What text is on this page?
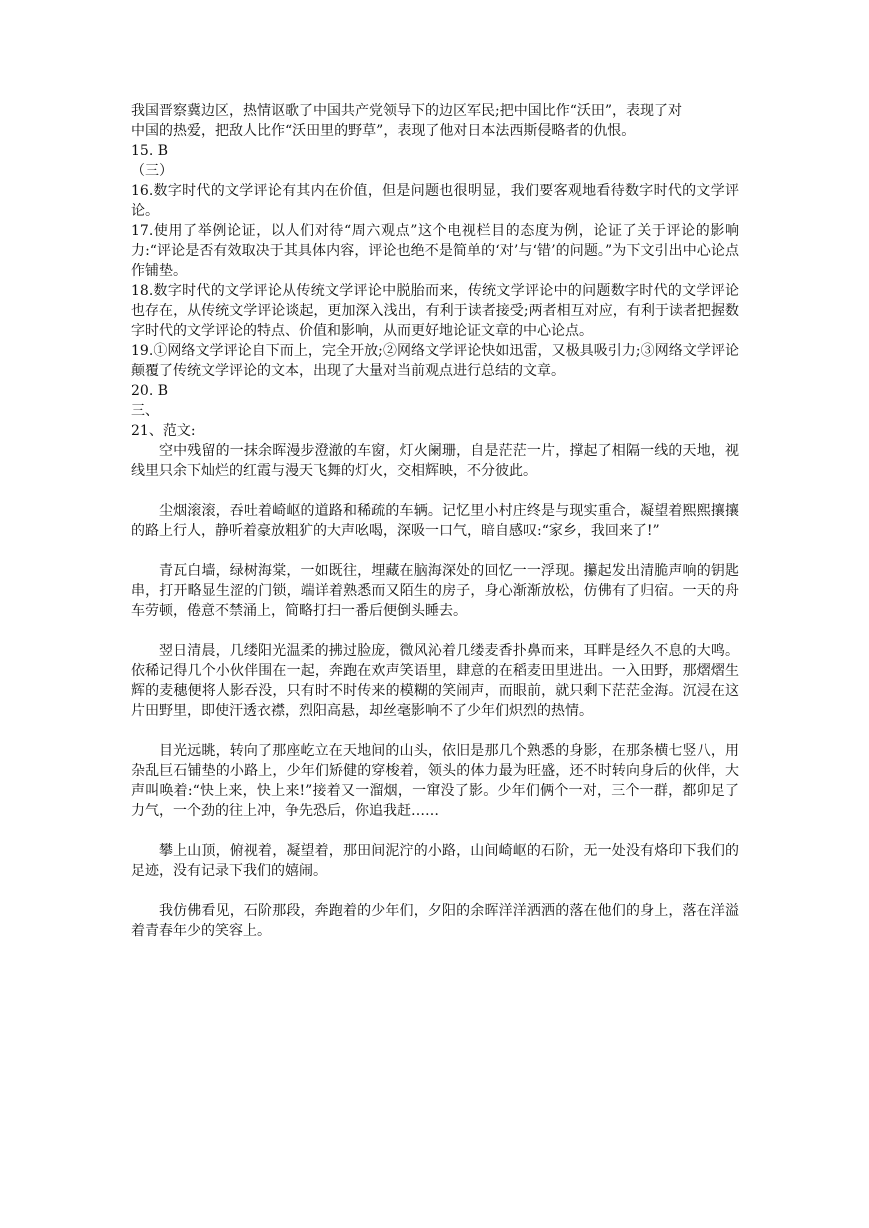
我国晋察冀边区，热情讴歌了中国共产党领导下的边区军民;把中国比作“沃田”，表现了对
中国的热爱，把敌人比作“沃田里的野草”，表现了他对日本法西斯侵略者的仇恨。
15. B
（三）

16.数字时代的文学评论有其内在价值，但是问题也很明显，我们要客观地看待数字时代的文学评论。

17.使用了举例论证，以人们对待“周六观点”这个电视栏目的态度为例，论证了关于评论的影响力:“评论是否有效取决于其具体内容，评论也绝不是简单的‘对’与‘错’的问题。”为下文引出中心论点作铺垫。

18.数字时代的文学评论从传统文学评论中脱胎而来，传统文学评论中的问题数字时代的文学评论也存在，从传统文学评论谈起，更加深入浅出，有利于读者接受;两者相互对应，有利于读者把握数字时代的文学评论的特点、价值和影响，从而更好地论证文章的中心论点。

19.①网络文学评论自下而上，完全开放;②网络文学评论快如迅雷，又极具吸引力;③网络文学评论颠覆了传统文学评论的文本，出现了大量对当前观点进行总结的文章。

20. B
三、
21、范文:

空中残留的一抹余晖漫步澄澈的车窗，灯火阑珊，自是茫茫一片，撑起了相隔一线的天地，视线里只余下灿烂的红霞与漫天飞舞的灯火，交相辉映，不分彼此。

尘烟滚滚，吞吐着崎岖的道路和稀疏的车辆。记忆里小村庄终是与现实重合，凝望着熙熙攘攘的路上行人，静听着豪放粗犷的大声吆喝，深吸一口气，暗自感叹:“家乡，我回来了!”

青瓦白墙，绿树海棠，一如既往，埋藏在脑海深处的回忆一一浮现。攥起发出清脆声响的钥匙串，打开略显生涩的门锁，端详着熟悉而又陌生的房子，身心渐渐放松，仿佛有了归宿。一天的舟车劳顿，倦意不禁涌上，简略打扫一番后便倒头睡去。

翌日清晨，几缕阳光温柔的拂过脸庞，微风沁着几缕麦香扑鼻而来，耳畔是经久不息的大鸣。依稀记得几个小伙伴围在一起，奔跑在欢声笑语里，肆意的在稻麦田里进出。一入田野，那熠熠生辉的麦穗便将人影吞没，只有时不时传来的模糊的笑闹声，而眼前，就只剩下茫茫金海。沉浸在这片田野里，即使汗透衣襟，烈阳高悬，却丝毫影响不了少年们炽烈的热情。

目光远眺，转向了那座屹立在天地间的山头，依旧是那几个熟悉的身影，在那条横七竖八，用杂乱巨石铺垫的小路上，少年们矫健的穿梭着，领头的体力最为旺盛，还不时转向身后的伙伴，大声叫唤着:“快上来，快上来!”接着又一溜烟，一窜没了影。少年们俩个一对，三个一群，都卯足了力气，一个劲的往上冲，争先恐后，你追我赶……

攀上山顶，俯视着，凝望着，那田间泥泞的小路，山间崎岖的石阶，无一处没有烙印下我们的足迹，没有记录下我们的嬉闹。

我仿佛看见，石阶那段，奔跑着的少年们，夕阳的余晖洋洋洒洒的落在他们的身上，落在洋溢着青春年少的笑容上。
